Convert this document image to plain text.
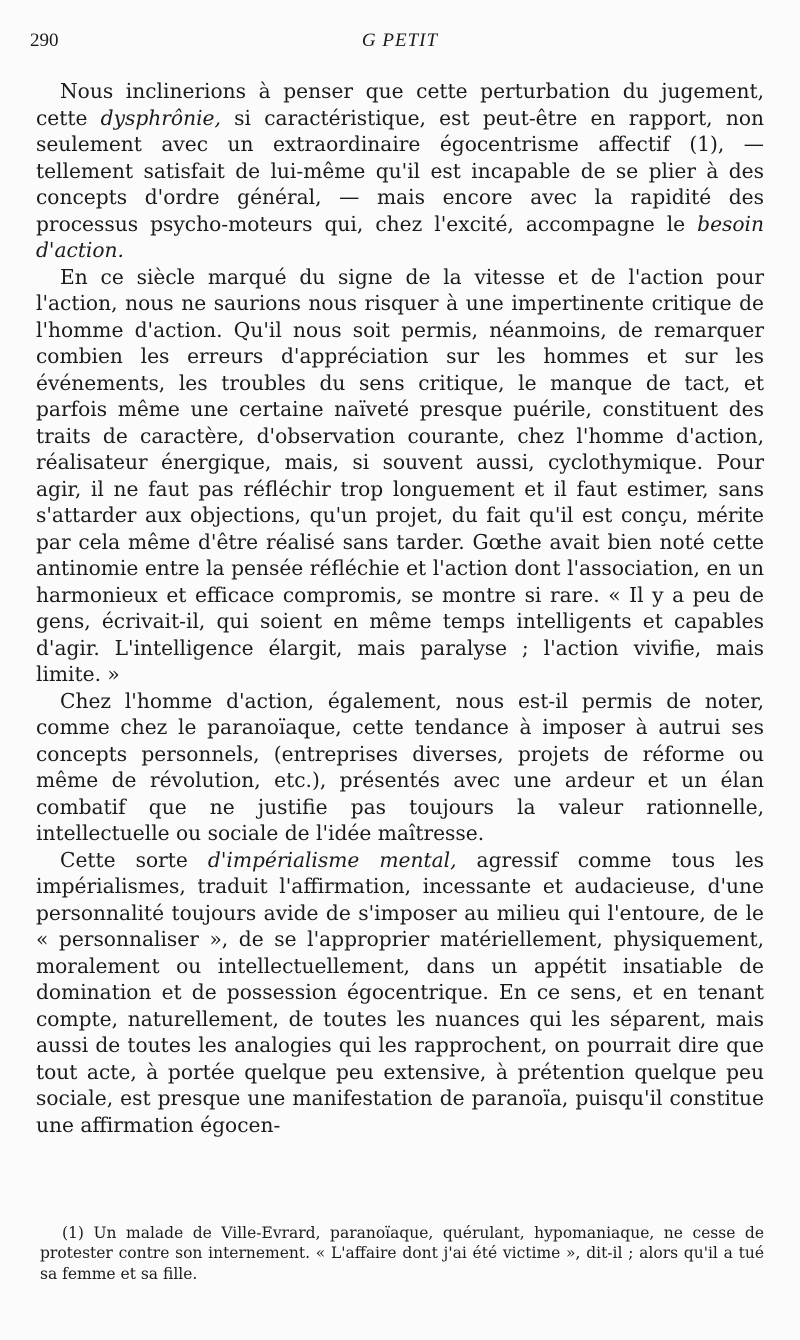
290	G PETIT

Nous inclinerions à penser que cette perturbation du jugement, cette dysphrônie, si caractéristique, est peut-être en rapport, non seulement avec un extraordinaire égocentrisme affectif (1), — tellement satisfait de lui-même qu'il est incapable de se plier à des concepts d'ordre général, — mais encore avec la rapidité des processus psycho-moteurs qui, chez l'excité, accompagne le besoin d'action.

En ce siècle marqué du signe de la vitesse et de l'action pour l'action, nous ne saurions nous risquer à une impertinente critique de l'homme d'action. Qu'il nous soit permis, néanmoins, de remarquer combien les erreurs d'appréciation sur les hommes et sur les événements, les troubles du sens critique, le manque de tact, et parfois même une certaine naïveté presque puérile, constituent des traits de caractère, d'observation courante, chez l'homme d'action, réalisateur énergique, mais, si souvent aussi, cyclothymique. Pour agir, il ne faut pas réfléchir trop longuement et il faut estimer, sans s'attarder aux objections, qu'un projet, du fait qu'il est conçu, mérite par cela même d'être réalisé sans tarder. Gœthe avait bien noté cette antinomie entre la pensée réfléchie et l'action dont l'association, en un harmonieux et efficace compromis, se montre si rare. « Il y a peu de gens, écrivait-il, qui soient en même temps intelligents et capables d'agir. L'intelligence élargit, mais paralyse ; l'action vivifie, mais limite. »

Chez l'homme d'action, également, nous est-il permis de noter, comme chez le paranoïaque, cette tendance à imposer à autrui ses concepts personnels, (entreprises diverses, projets de réforme ou même de révolution, etc.), présentés avec une ardeur et un élan combatif que ne justifie pas toujours la valeur rationnelle, intellectuelle ou sociale de l'idée maîtresse.

Cette sorte d'impérialisme mental, agressif comme tous les impérialismes, traduit l'affirmation, incessante et audacieuse, d'une personnalité toujours avide de s'imposer au milieu qui l'entoure, de le « personnaliser », de se l'approprier matériellement, physiquement, moralement ou intellectuellement, dans un appétit insatiable de domination et de possession égocentrique. En ce sens, et en tenant compte, naturellement, de toutes les nuances qui les séparent, mais aussi de toutes les analogies qui les rapprochent, on pourrait dire que tout acte, à portée quelque peu extensive, à prétention quelque peu sociale, est presque une manifestation de paranoïa, puisqu'il constitue une affirmation égocen-

(1) Un malade de Ville-Evrard, paranoïaque, quérulant, hypomaniaque, ne cesse de protester contre son internement. « L'affaire dont j'ai été victime », dit-il ; alors qu'il a tué sa femme et sa fille.
